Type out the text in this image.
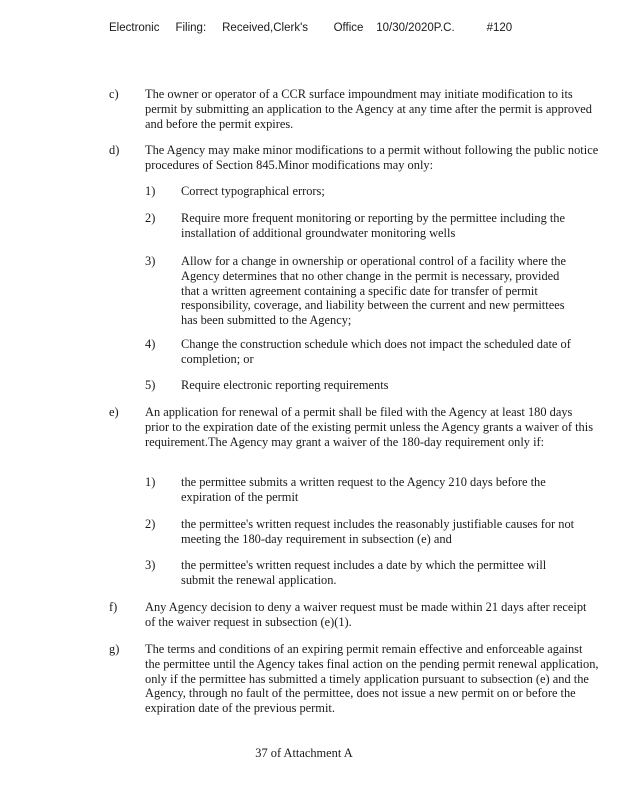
Electronic     Filing:     Received,Clerk's        Office    10/30/2020P.C.          #120
c) The owner or operator of a CCR surface impoundment may initiate modification to its permit by submitting an application to the Agency at any time after the permit is approved and before the permit expires.
d) The Agency may make minor modifications to a permit without following the public notice procedures of Section 845.Minor modifications may only:
1) Correct typographical errors;
2) Require more frequent monitoring or reporting by the permittee including the installation of additional groundwater monitoring wells
3) Allow for a change in ownership or operational control of a facility where the Agency determines that no other change in the permit is necessary, provided that a written agreement containing a specific date for transfer of permit responsibility, coverage, and liability between the current and new permittees has been submitted to the Agency;
4) Change the construction schedule which does not impact the scheduled date of completion; or
5) Require electronic reporting requirements
e) An application for renewal of a permit shall be filed with the Agency at least 180 days prior to the expiration date of the existing permit unless the Agency grants a waiver of this requirement.The Agency may grant a waiver of the 180-day requirement only if:
1) the permittee submits a written request to the Agency 210 days before the expiration of the permit
2) the permittee's written request includes the reasonably justifiable causes for not meeting the 180-day requirement in subsection (e) and
3) the permittee's written request includes a date by which the permittee will submit the renewal application.
f) Any Agency decision to deny a waiver request must be made within 21 days after receipt of the waiver request in subsection (e)(1).
g) The terms and conditions of an expiring permit remain effective and enforceable against the permittee until the Agency takes final action on the pending permit renewal application, only if the permittee has submitted a timely application pursuant to subsection (e) and the Agency, through no fault of the permittee, does not issue a new permit on or before the expiration date of the previous permit.
37 of Attachment A
